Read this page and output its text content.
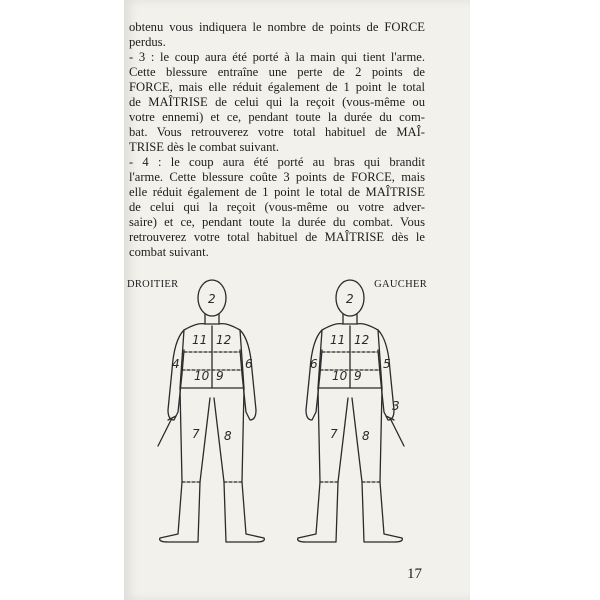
obtenu vous indiquera le nombre de points de FORCE
perdus.
- 3 : le coup aura été porté à la main qui tient l'arme.
Cette blessure entraîne une perte de 2 points de
FORCE, mais elle réduit également de 1 point le total
de MAÎTRISE de celui qui la reçoit (vous-même ou
votre ennemi) et ce, pendant toute la durée du com-
bat. Vous retrouverez votre total habituel de MAÎ-
TRISE dès le combat suivant.
- 4 : le coup aura été porté au bras qui brandit
l'arme. Cette blessure coûte 3 points de FORCE, mais
elle réduit également de 1 point le total de MAÎTRISE
de celui qui la reçoit (vous-même ou votre adver-
saire) et ce, pendant toute la durée du combat. Vous
retrouverez votre total habituel de MAÎTRISE dès le
combat suivant.
DROITIER	GAUCHER
2
11 12
4	6
10 9
7 8
2
11 12
6	5
10 9
7 8
3
17
